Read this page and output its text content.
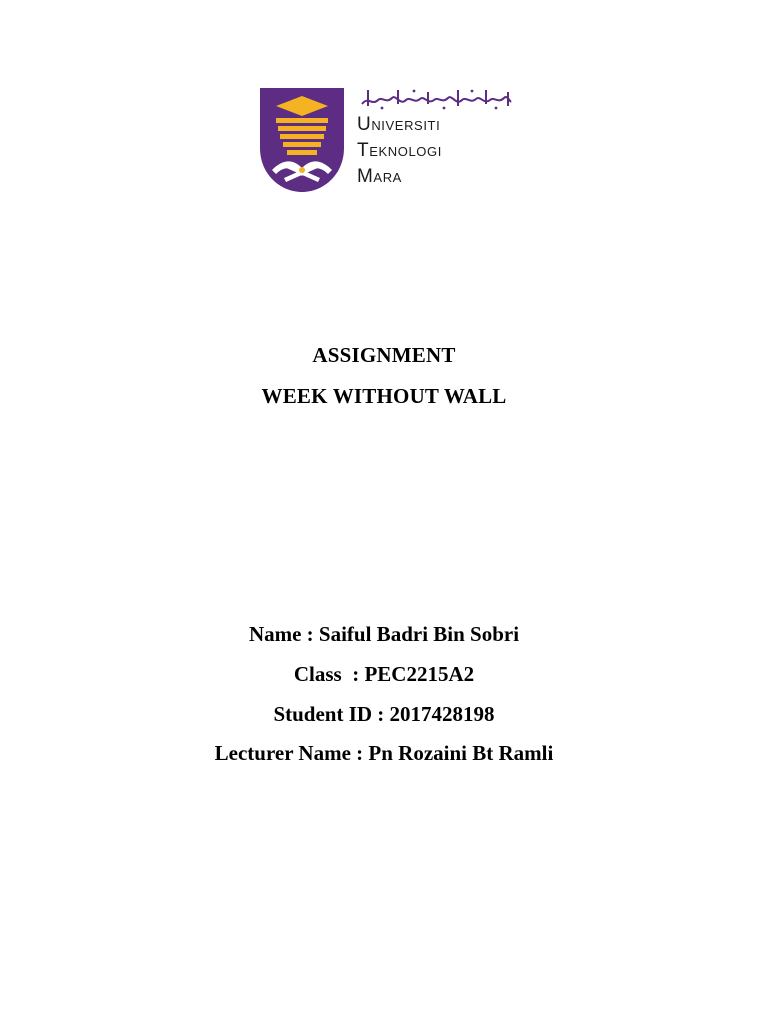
Universiti
Teknologi
Mara
ASSIGNMENT
WEEK WITHOUT WALL
Name : Saiful Badri Bin Sobri
Class  : PEC2215A2
Student ID : 2017428198
Lecturer Name : Pn Rozaini Bt Ramli
